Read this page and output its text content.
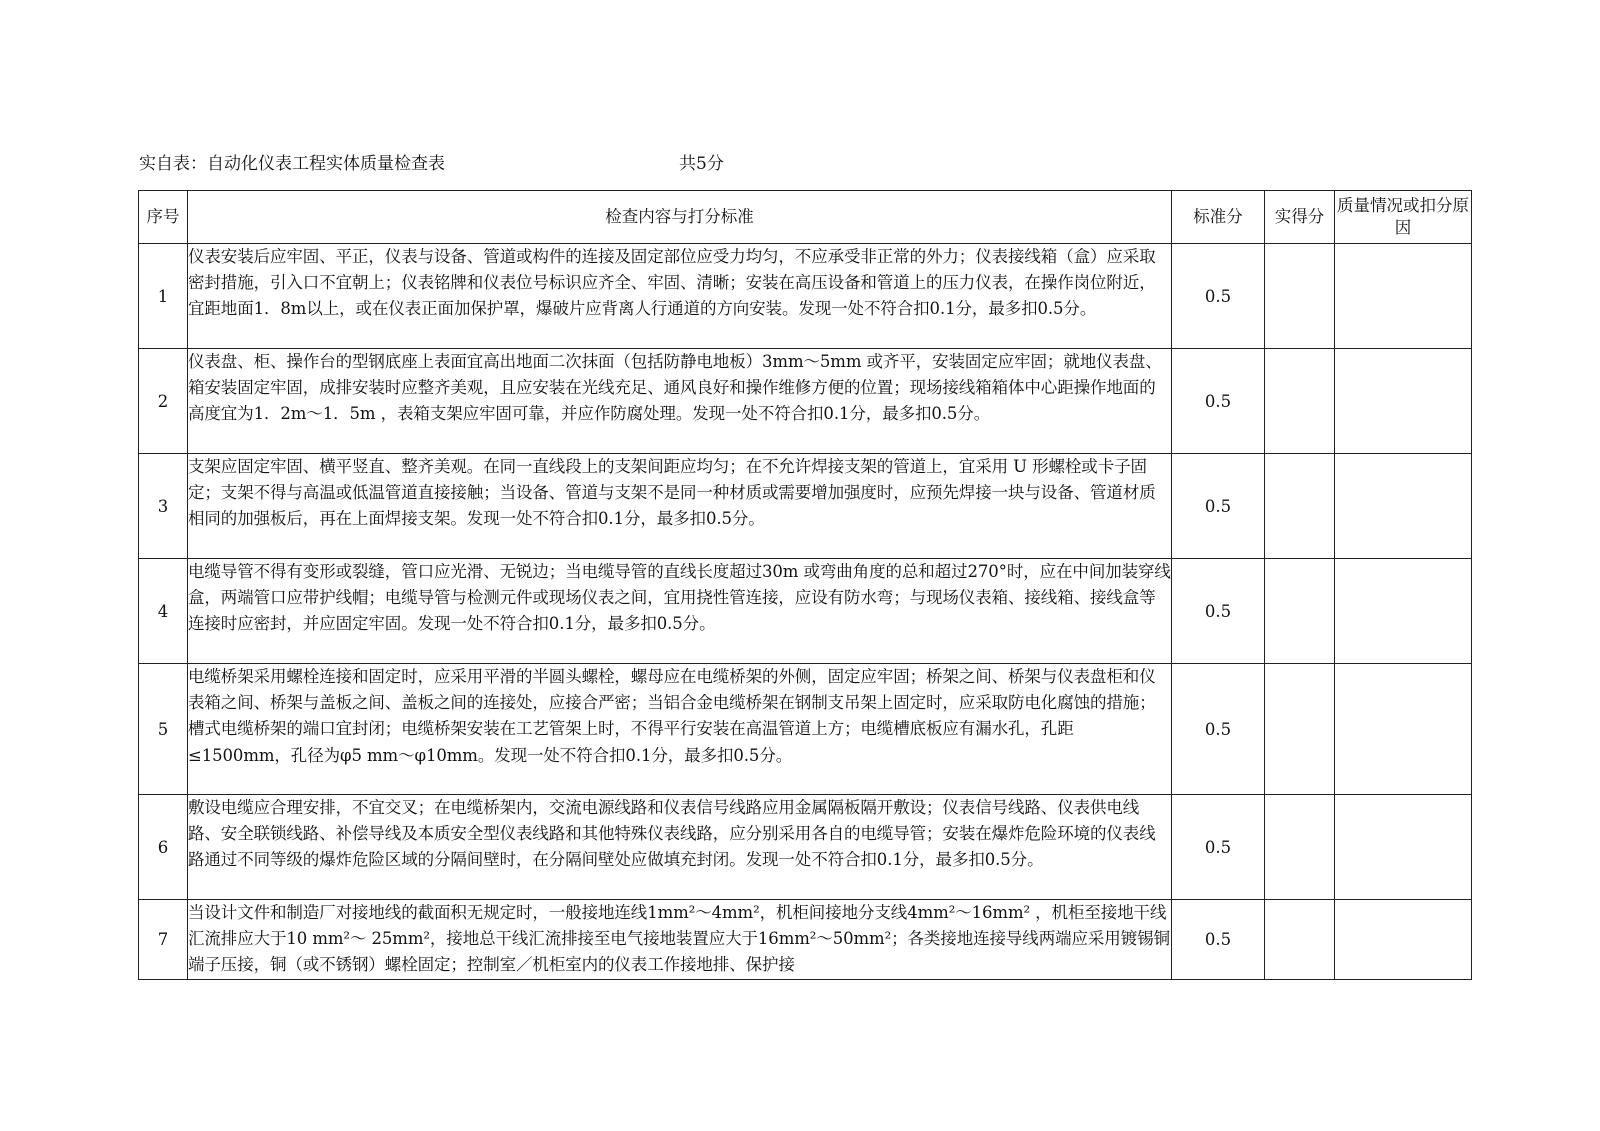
实自表：自动化仪表工程实体质量检查表	共5分
序号	检查内容与打分标准	标准分	实得分	质量情况或扣分原因
1	仪表安装后应牢固、平正，仪表与设备、管道或构件的连接及固定部位应受力均匀，不应承受非正常的外力；仪表接线箱（盒）应采取密封措施，引入口不宜朝上；仪表铭牌和仪表位号标识应齐全、牢固、清晰；安装在高压设备和管道上的压力仪表，在操作岗位附近，宜距地面1．8m以上，或在仪表正面加保护罩，爆破片应背离人行通道的方向安装。发现一处不符合扣0.1分，最多扣0.5分。	0.5		
2	仪表盘、柜、操作台的型钢底座上表面宜高出地面二次抹面（包括防静电地板）3mm～5mm 或齐平，安装固定应牢固；就地仪表盘、箱安装固定牢固，成排安装时应整齐美观，且应安装在光线充足、通风良好和操作维修方便的位置；现场接线箱箱体中心距操作地面的高度宜为1．2m～1．5m ，表箱支架应牢固可靠，并应作防腐处理。发现一处不符合扣0.1分，最多扣0.5分。	0.5		
3	支架应固定牢固、横平竖直、整齐美观。在同一直线段上的支架间距应均匀；在不允许焊接支架的管道上，宜采用 U 形螺栓或卡子固定；支架不得与高温或低温管道直接接触；当设备、管道与支架不是同一种材质或需要增加强度时，应预先焊接一块与设备、管道材质相同的加强板后，再在上面焊接支架。发现一处不符合扣0.1分，最多扣0.5分。	0.5		
4	电缆导管不得有变形或裂缝，管口应光滑、无锐边；当电缆导管的直线长度超过30m 或弯曲角度的总和超过270°时，应在中间加装穿线盒，两端管口应带护线帽；电缆导管与检测元件或现场仪表之间，宜用挠性管连接，应设有防水弯；与现场仪表箱、接线箱、接线盒等连接时应密封，并应固定牢固。发现一处不符合扣0.1分，最多扣0.5分。	0.5		
5	电缆桥架采用螺栓连接和固定时，应采用平滑的半圆头螺栓，螺母应在电缆桥架的外侧，固定应牢固；桥架之间、桥架与仪表盘柜和仪表箱之间、桥架与盖板之间、盖板之间的连接处，应接合严密；当铝合金电缆桥架在钢制支吊架上固定时，应采取防电化腐蚀的措施；槽式电缆桥架的端口宜封闭；电缆桥架安装在工艺管架上时，不得平行安装在高温管道上方；电缆槽底板应有漏水孔，孔距≤1500mm，孔径为φ5 mm～φ10mm。发现一处不符合扣0.1分，最多扣0.5分。	0.5		
6	敷设电缆应合理安排，不宜交叉；在电缆桥架内，交流电源线路和仪表信号线路应用金属隔板隔开敷设；仪表信号线路、仪表供电线路、安全联锁线路、补偿导线及本质安全型仪表线路和其他特殊仪表线路，应分别采用各自的电缆导管；安装在爆炸危险环境的仪表线路通过不同等级的爆炸危险区域的分隔间壁时，在分隔间壁处应做填充封闭。发现一处不符合扣0.1分，最多扣0.5分。	0.5		
7	当设计文件和制造厂对接地线的截面积无规定时，一般接地连线1mm²～4mm²，机柜间接地分支线4mm²～16mm² ，机柜至接地干线汇流排应大于10 mm²～ 25mm²，接地总干线汇流排接至电气接地装置应大于16mm²～50mm²；各类接地连接导线两端应采用镀锡铜端子压接，铜（或不锈钢）螺栓固定；控制室／机柜室内的仪表工作接地排、保护接	0.5		
